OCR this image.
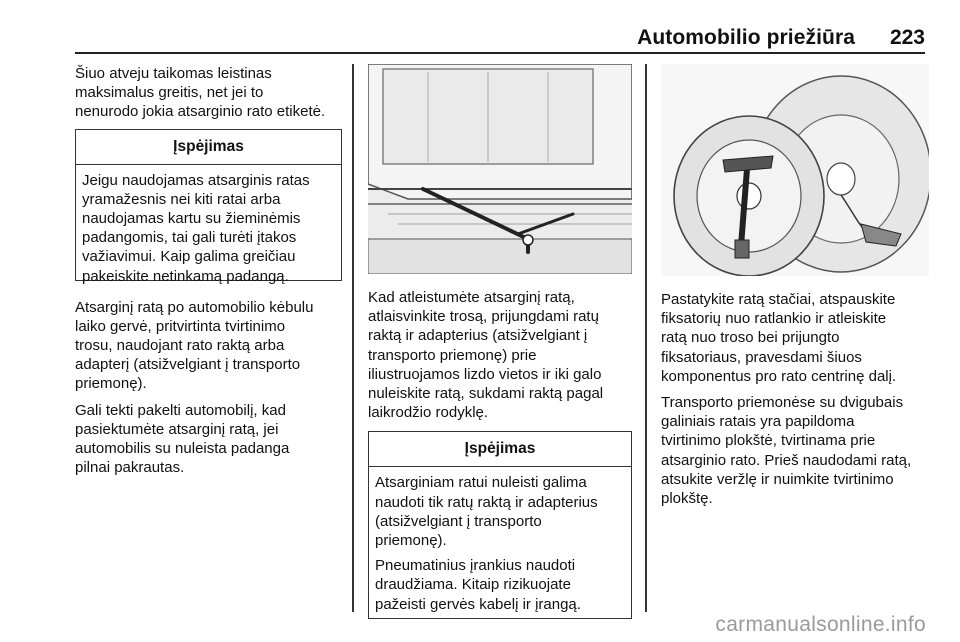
Automobilio priežiūra 223

Šiuo atveju taikomas leistinas
maksimalus greitis, net jei to
nenurodo jokia atsarginio rato etiketė.

Įspėjimas

Jeigu naudojamas atsarginis ratas
yramažesnis nei kiti ratai arba
naudojamas kartu su žieminėmis
padangomis, tai gali turėti įtakos
važiavimui. Kaip galima greičiau
pakeiskite netinkamą padangą.

Atsarginį ratą po automobilio kėbulu
laiko gervė, pritvirtinta tvirtinimo
trosu, naudojant rato raktą arba
adapterį (atsižvelgiant į transporto
priemonę).

Gali tekti pakelti automobilį, kad
pasiektumėte atsarginį ratą, jei
automobilis su nuleista padanga
pilnai pakrautas.

Kad atleistumėte atsarginį ratą,
atlaisvinkite trosą, prijungdami ratų
raktą ir adapterius (atsižvelgiant į
transporto priemonę) prie
iliustruojamos lizdo vietos ir iki galo
nuleiskite ratą, sukdami raktą pagal
laikrodžio rodyklę.

Įspėjimas

Atsarginiam ratui nuleisti galima
naudoti tik ratų raktą ir adapterius
(atsižvelgiant į transporto
priemonę).

Pneumatinius įrankius naudoti
draudžiama. Kitaip rizikuojate
pažeisti gervės kabelį ir įrangą.

Pastatykite ratą stačiai, atspauskite
fiksatorių nuo ratlankio ir atleiskite
ratą nuo troso bei prijungto
fiksatoriaus, pravesdami šiuos
komponentus pro rato centrinę dalį.

Transporto priemonėse su dvigubais
galiniais ratais yra papildoma
tvirtinimo plokštė, tvirtinama prie
atsarginio rato. Prieš naudodami ratą,
atsukite veržlę ir nuimkite tvirtinimo
plokštę.

carmanualsonline.info
